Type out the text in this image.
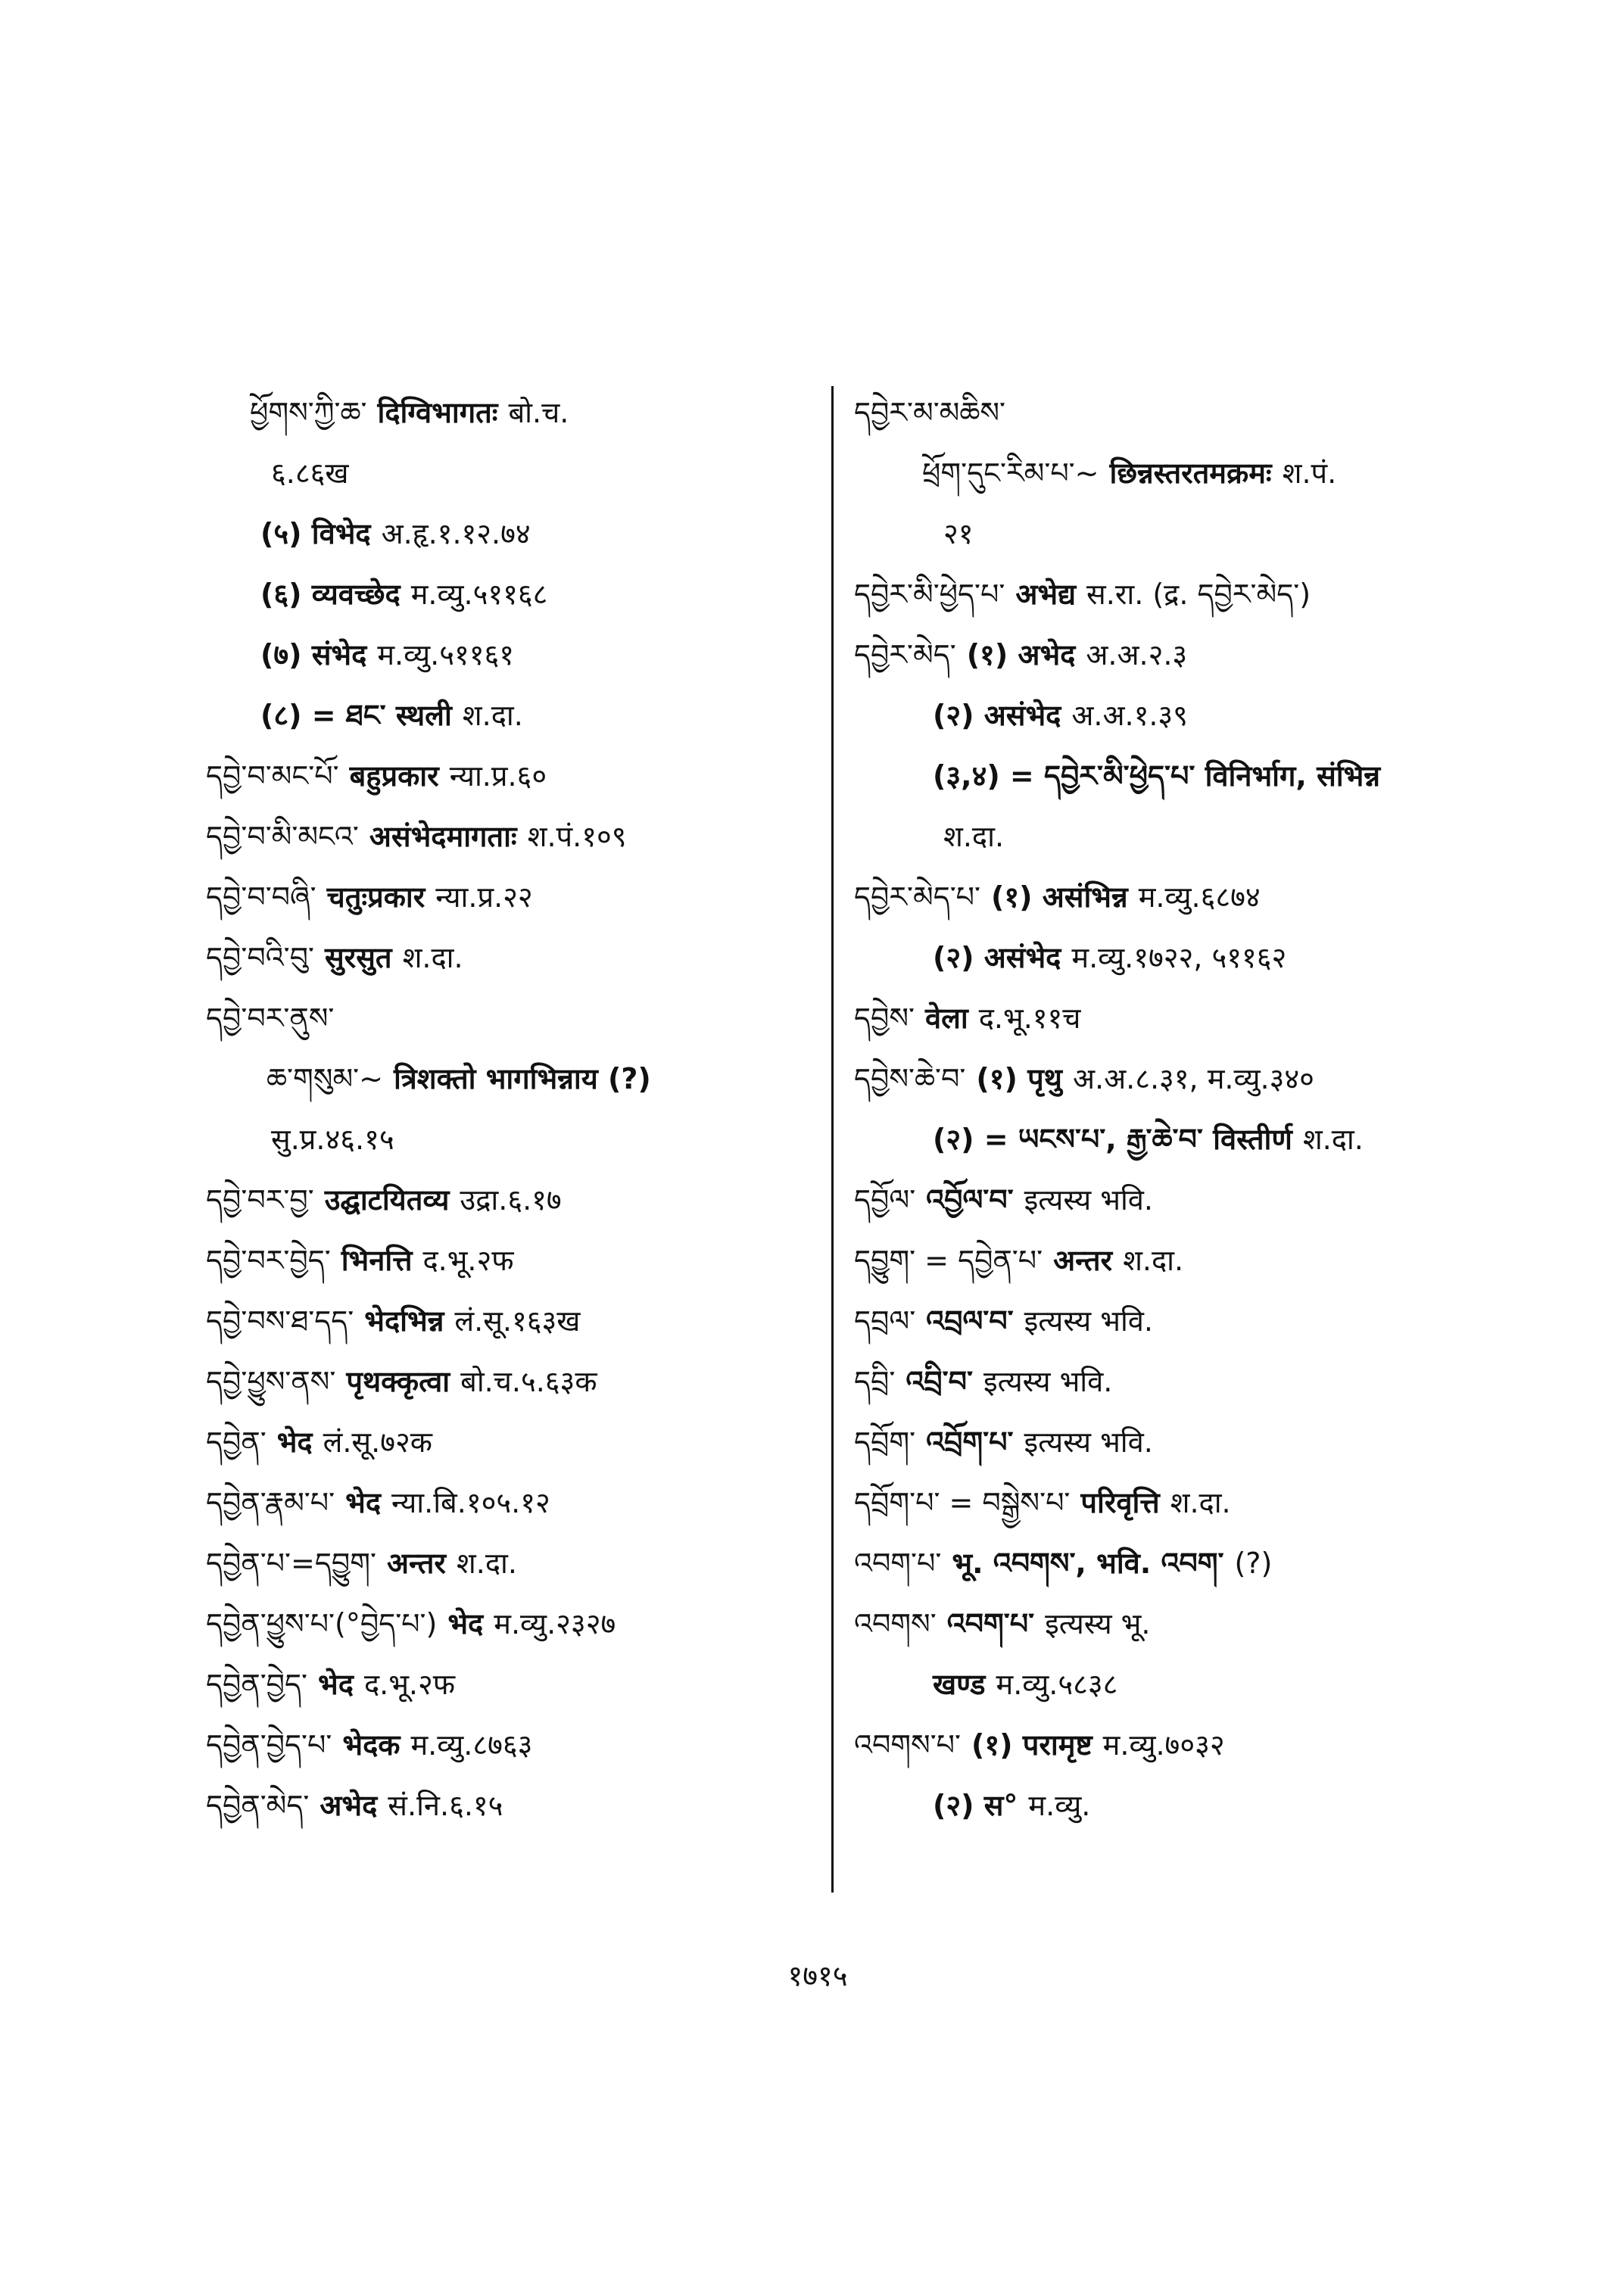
ཕྱོགས་ཀྱི་ཆ་ दिग्विभागतः बो.च.
६.८६ख
(५) विभेद अ.हृ.१.१२.७४
(६) व्यवच्छेद म.व्यु.५११६८
(७) संभेद म.व्यु.५११६१
(८) = ཐང་ स्थली श.दा.
དབྱེ་བ་མང་པོ་ बहुप्रकार न्या.प्र.६०
དབྱེ་བ་མི་མངའ་ असंभेदमागताः श.पं.१०९
དབྱེ་བ་བཞི་ चतुःप्रकार न्या.प्र.२२
དབྱེ་བའི་བུ་ सुरसुत श.दा.
དབྱེ་བར་ནུས་
ཆ་གསུམ་~ त्रिशक्तो भागभिन्नाय (?)
सु.प्र.४६.१५
དབྱེ་བར་བྱ་ उद्घाटयितव्य उद्रा.६.१७
དབྱེ་བར་བྱེད་ भिनत्ति द.भू.२फ
དབྱེ་བས་ཐ་དད་ भेदभिन्न लं.सू.१६३ख
དབྱེ་ཕྱུས་ནས་ पृथक्कृत्वा बो.च.५.६३क
དབྱེན་ भेद लं.सू.७२क
དབྱེན་རྣམ་པ་ भेद न्या.बि.१०५.१२
དབྱེན་པ་=དབྱུག་ अन्तर श.दा.
དབྱེན་ཕྱུས་པ་(°བྱེད་པ་) भेद म.व्यु.२३२७
དབྱེན་བྱེད་ भेद द.भू.२फ
དབྱེན་བྱེད་པ་ भेदक म.व्यु.८७६३
དབྱེན་མེད་ अभेद सं.नि.६.१५
དབྱེར་མ་མཆིས་
ཕྲོག་དུང་རིམ་པ་~ छिन्नस्तरतमक्रमः श.पं.
२१
དབྱེར་མི་ཕྱེད་པ་ अभेद्य स.रा. (द्र. དབྱེར་མེད་)
དབྱེར་མེད་ (१) अभेद अ.अ.२.३
(२) असंभेद अ.अ.१.३९
(३,४) = དབྱེར་མི་ཕྱེད་པ་ विनिर्भाग, संभिन्न
श.दा.
དབྱེར་མེད་པ་ (१) असंभिन्न म.व्यु.६८७४
(२) असंभेद म.व्यु.१७२२, ५११६२
དབྱེས་ वेला द.भू.११च
དབྱེས་ཆེ་བ་ (१) पृथु अ.अ.८.३१, म.व्यु.३४०
(२) = ཡངས་པ་, རྒྱ་ཆེ་བ་ विस्तीर्ण श.दा.
དབྱོལ་ འབྱོལ་བ་ इत्यस्य भवि.
དབྱུག་ = དབྱེན་པ་ अन्तर श.दा.
དབྲལ་ འབྲལ་བ་ इत्यस्य भवि.
དབྲི་ འབྲི་བ་ इत्यस्य भवि.
དབྲོག་ འབྲོག་པ་ इत्यस्य भवि.
དབྲོག་པ་ = བསྒྱེས་པ་ परिवृत्ति श.दा.
འབག་པ་ भू. འབགས་, भवि. འབག་ (?)
འབགས་ འབག་པ་ इत्यस्य भू.
खण्ड म.व्यु.५८३८
འབགས་པ་ (१) परामृष्ट म.व्यु.७०३२
(२) स° म.व्यु.
१७१५
